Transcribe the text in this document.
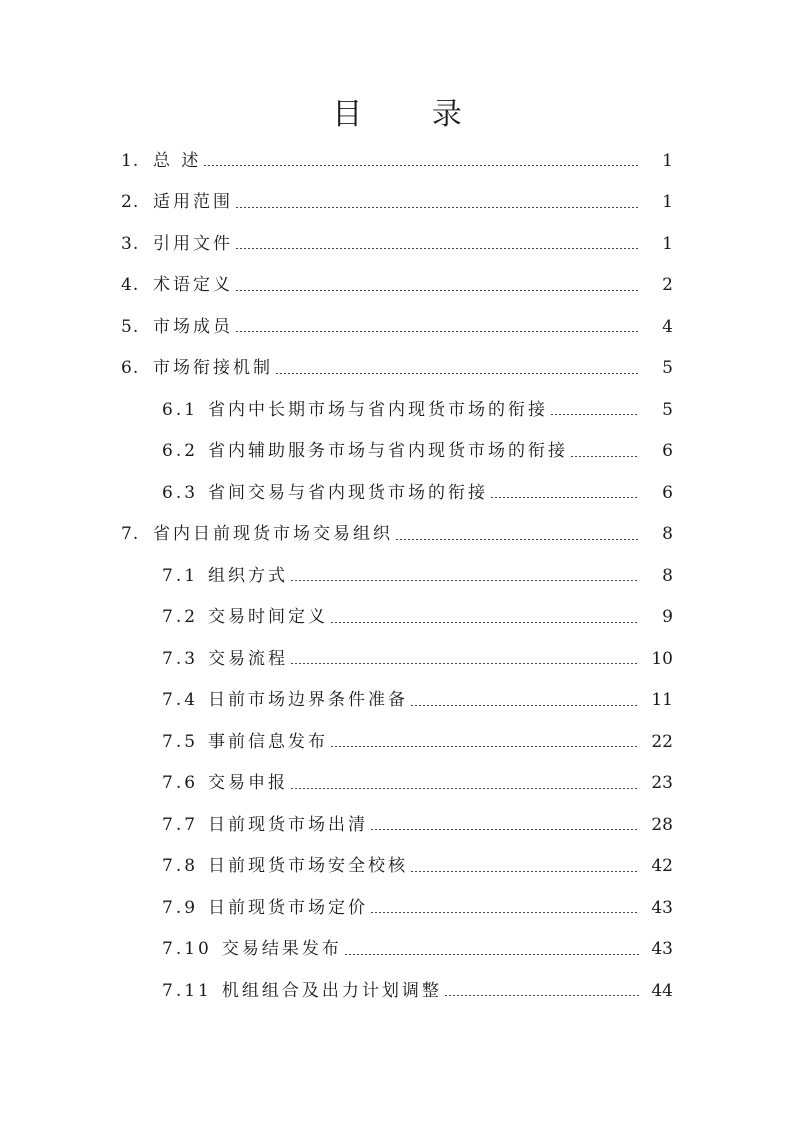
目 录
1. 总 述	1
2. 适用范围	1
3. 引用文件	1
4. 术语定义	2
5. 市场成员	4
6. 市场衔接机制	5
6.1 省内中长期市场与省内现货市场的衔接	5
6.2 省内辅助服务市场与省内现货市场的衔接	6
6.3 省间交易与省内现货市场的衔接	6
7. 省内日前现货市场交易组织	8
7.1 组织方式	8
7.2 交易时间定义	9
7.3 交易流程	10
7.4 日前市场边界条件准备	11
7.5 事前信息发布	22
7.6 交易申报	23
7.7 日前现货市场出清	28
7.8 日前现货市场安全校核	42
7.9 日前现货市场定价	43
7.10 交易结果发布	43
7.11 机组组合及出力计划调整	44
